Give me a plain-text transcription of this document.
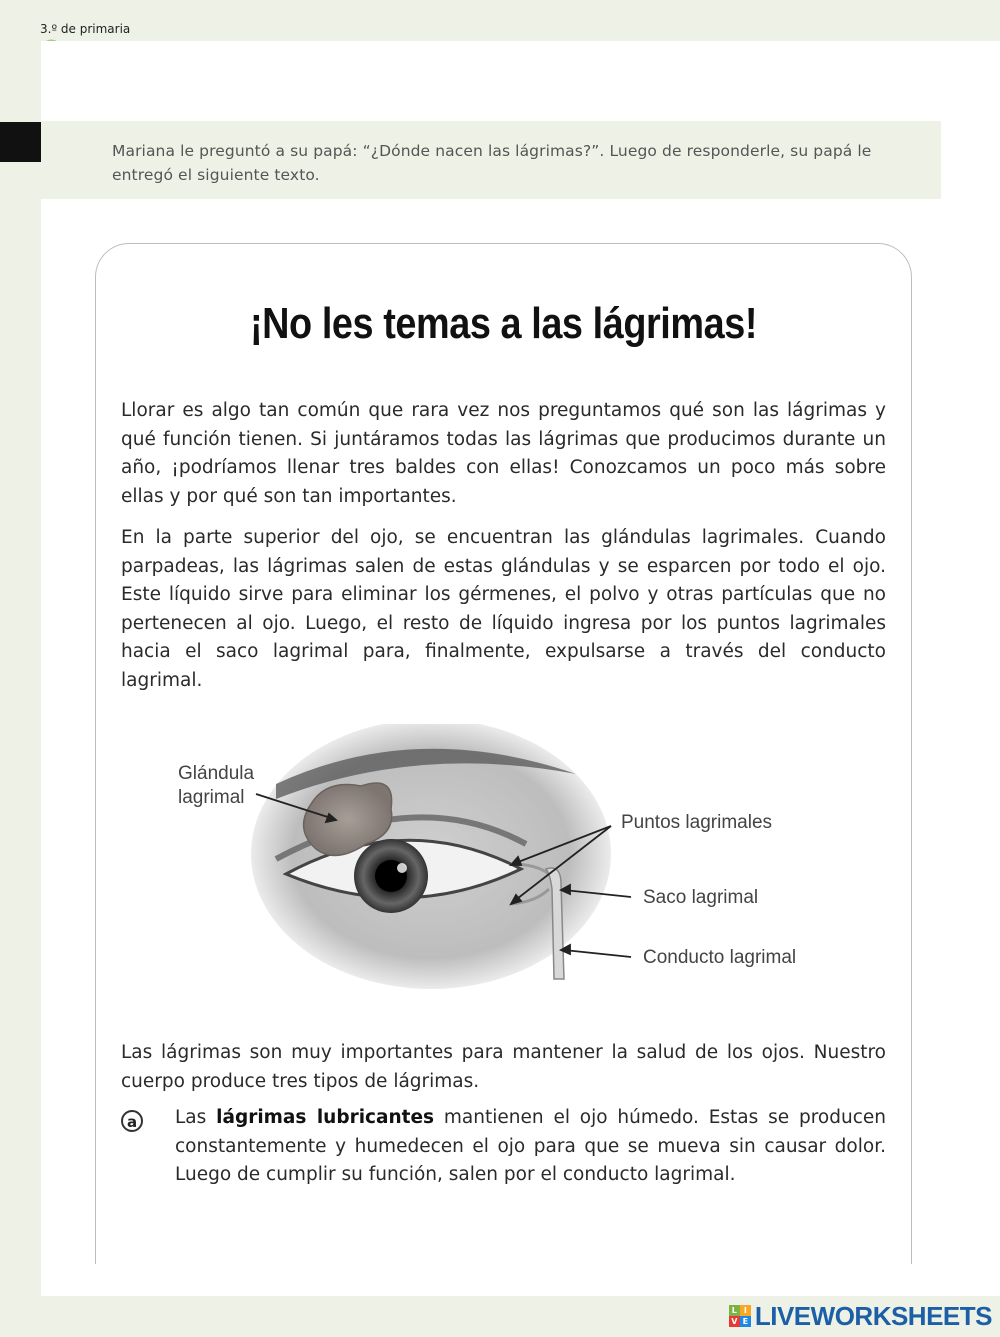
3.º de primaria

Mariana le preguntó a su papá: “¿Dónde nacen las lágrimas?”. Luego de responderle, su papá le entregó el siguiente texto.

¡No les temas a las lágrimas!

Llorar es algo tan común que rara vez nos preguntamos qué son las lágrimas y qué función tienen. Si juntáramos todas las lágrimas que producimos durante un año, ¡podríamos llenar tres baldes con ellas! Conozcamos un poco más sobre ellas y por qué son tan importantes.

En la parte superior del ojo, se encuentran las glándulas lagrimales. Cuando parpadeas, las lágrimas salen de estas glándulas y se esparcen por todo el ojo. Este líquido sirve para eliminar los gérmenes, el polvo y otras partículas que no pertenecen al ojo. Luego, el resto de líquido ingresa por los puntos lagrimales hacia el saco lagrimal para, finalmente, expulsarse a través del conducto lagrimal.

Glándula
lagrimal
Puntos lagrimales
Saco lagrimal
Conducto lagrimal

Las lágrimas son muy importantes para mantener la salud de los ojos. Nuestro cuerpo produce tres tipos de lágrimas.

a	Las lágrimas lubricantes mantienen el ojo húmedo. Estas se producen constantemente y humedecen el ojo para que se mueva sin causar dolor. Luego de cumplir su función, salen por el conducto lagrimal.

L I
V E LIVEWORKSHEETS
